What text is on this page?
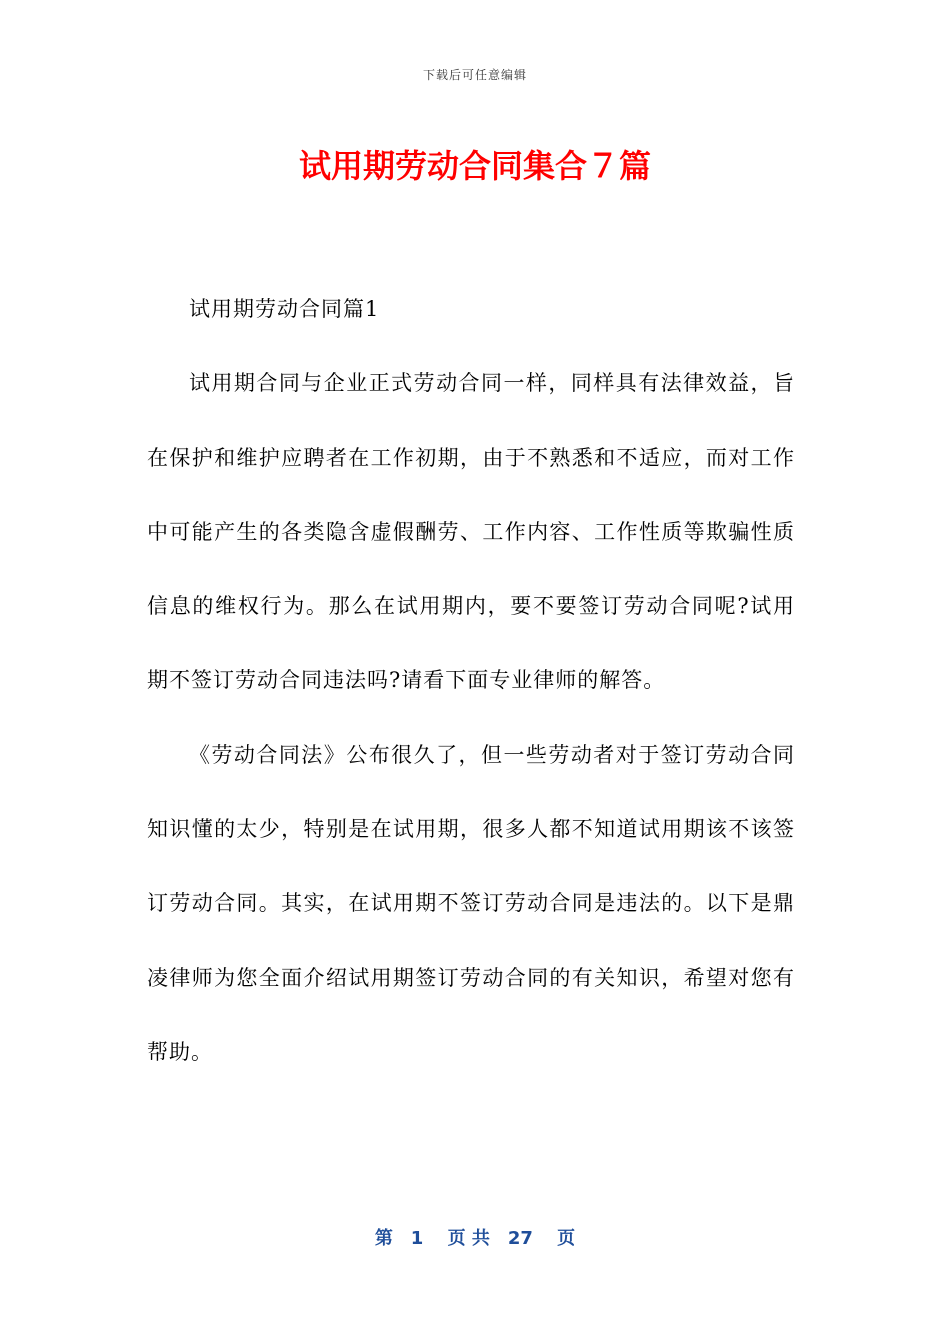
下载后可任意编辑
试用期劳动合同集合７篇

试用期劳动合同篇1

试用期合同与企业正式劳动合同一样，同样具有法律效益，旨在保护和维护应聘者在工作初期，由于不熟悉和不适应，而对工作中可能产生的各类隐含虚假酬劳、工作内容、工作性质等欺骗性质信息的维权行为。那么在试用期内，要不要签订劳动合同呢?试用期不签订劳动合同违法吗?请看下面专业律师的解答。

《劳动合同法》公布很久了，但一些劳动者对于签订劳动合同知识懂的太少，特别是在试用期，很多人都不知道试用期该不该签订劳动合同。其实，在试用期不签订劳动合同是违法的。以下是鼎凌律师为您全面介绍试用期签订劳动合同的有关知识，希望对您有帮助。

第　1　 页 共　27　 页
